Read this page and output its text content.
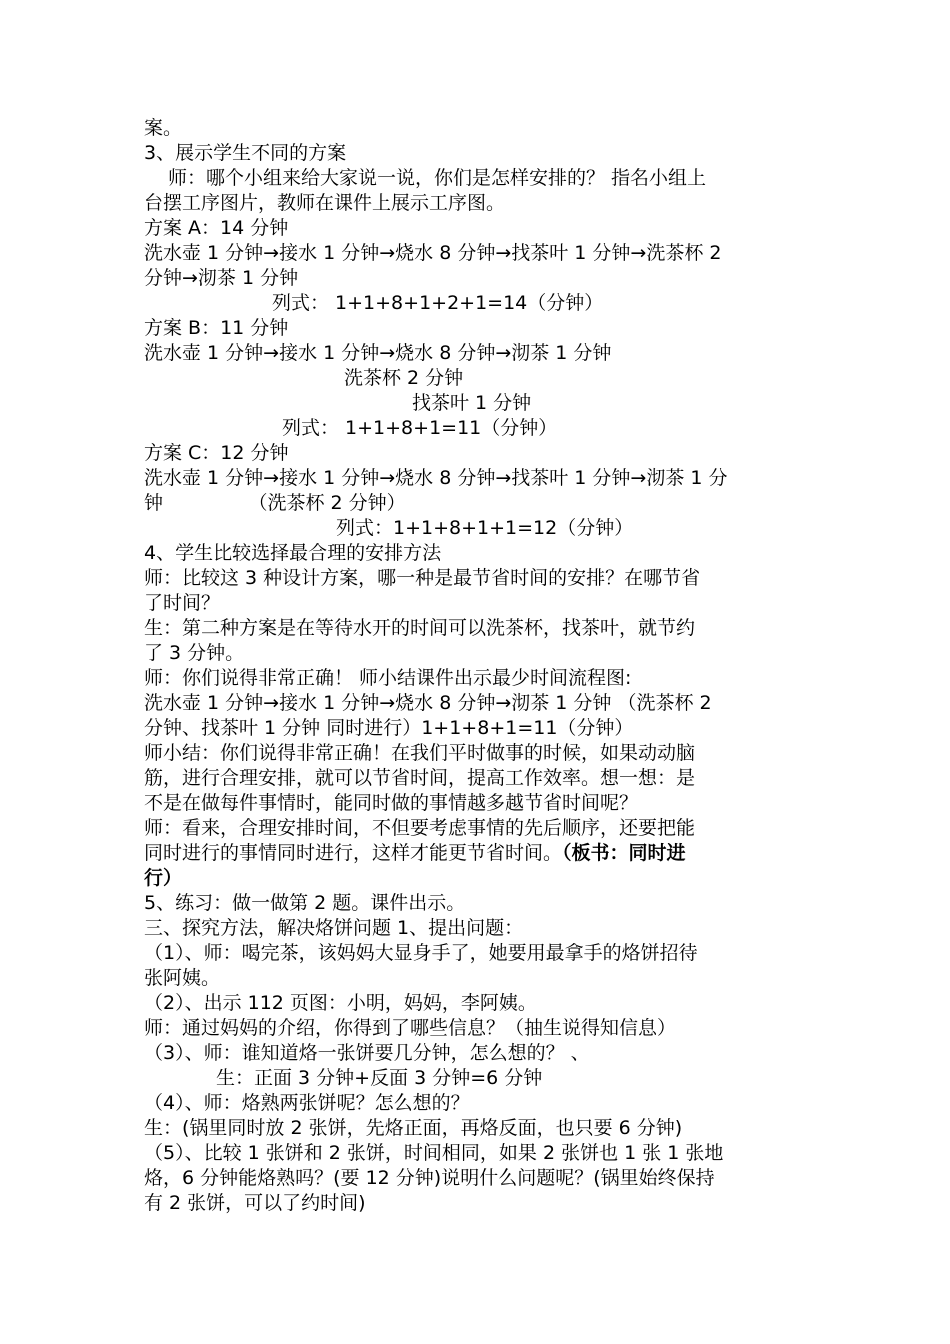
案。
3、展示学生不同的方案
师：哪个小组来给大家说一说，你们是怎样安排的？ 指名小组上
台摆工序图片，教师在课件上展示工序图。
方案 A：14 分钟
洗水壶 1 分钟→接水 1 分钟→烧水 8 分钟→找茶叶 1 分钟→洗茶杯 2
分钟→沏茶 1 分钟
列式： 1+1+8+1+2+1=14（分钟）
方案 B：11 分钟
洗水壶 1 分钟→接水 1 分钟→烧水 8 分钟→沏茶 1 分钟
洗茶杯 2 分钟
找茶叶 1 分钟
列式： 1+1+8+1=11（分钟）
方案 C：12 分钟
洗水壶 1 分钟→接水 1 分钟→烧水 8 分钟→找茶叶 1 分钟→沏茶 1 分
钟　　　　　（洗茶杯 2 分钟）
列式：1+1+8+1+1=12（分钟）
4、学生比较选择最合理的安排方法
师：比较这 3 种设计方案，哪一种是最节省时间的安排？在哪节省
了时间？
生：第二种方案是在等待水开的时间可以洗茶杯，找茶叶，就节约
了 3 分钟。
师：你们说得非常正确！ 师小结课件出示最少时间流程图:
洗水壶 1 分钟→接水 1 分钟→烧水 8 分钟→沏茶 1 分钟 （洗茶杯 2
分钟、找茶叶 1 分钟 同时进行）1+1+8+1=11（分钟）
师小结：你们说得非常正确！在我们平时做事的时候，如果动动脑
筋，进行合理安排，就可以节省时间，提高工作效率。想一想：是
不是在做每件事情时，能同时做的事情越多越节省时间呢？
师：看来，合理安排时间，不但要考虑事情的先后顺序，还要把能
同时进行的事情同时进行，这样才能更节省时间。（板书：同时进
行）
5、练习：做一做第 2 题。课件出示。
三、探究方法，解决烙饼问题 1、提出问题：
（1）、师：喝完茶，该妈妈大显身手了，她要用最拿手的烙饼招待
张阿姨。
（2）、出示 112 页图：小明，妈妈，李阿姨。
师：通过妈妈的介绍，你得到了哪些信息？（抽生说得知信息）
（3）、师：谁知道烙一张饼要几分钟，怎么想的？ 、
生：正面 3 分钟+反面 3 分钟=6 分钟
（4）、师：烙熟两张饼呢？怎么想的？
生：(锅里同时放 2 张饼，先烙正面，再烙反面，也只要 6 分钟)
（5）、比较 1 张饼和 2 张饼，时间相同，如果 2 张饼也 1 张 1 张地
烙，6 分钟能烙熟吗？(要 12 分钟)说明什么问题呢？(锅里始终保持
有 2 张饼，可以了约时间)
